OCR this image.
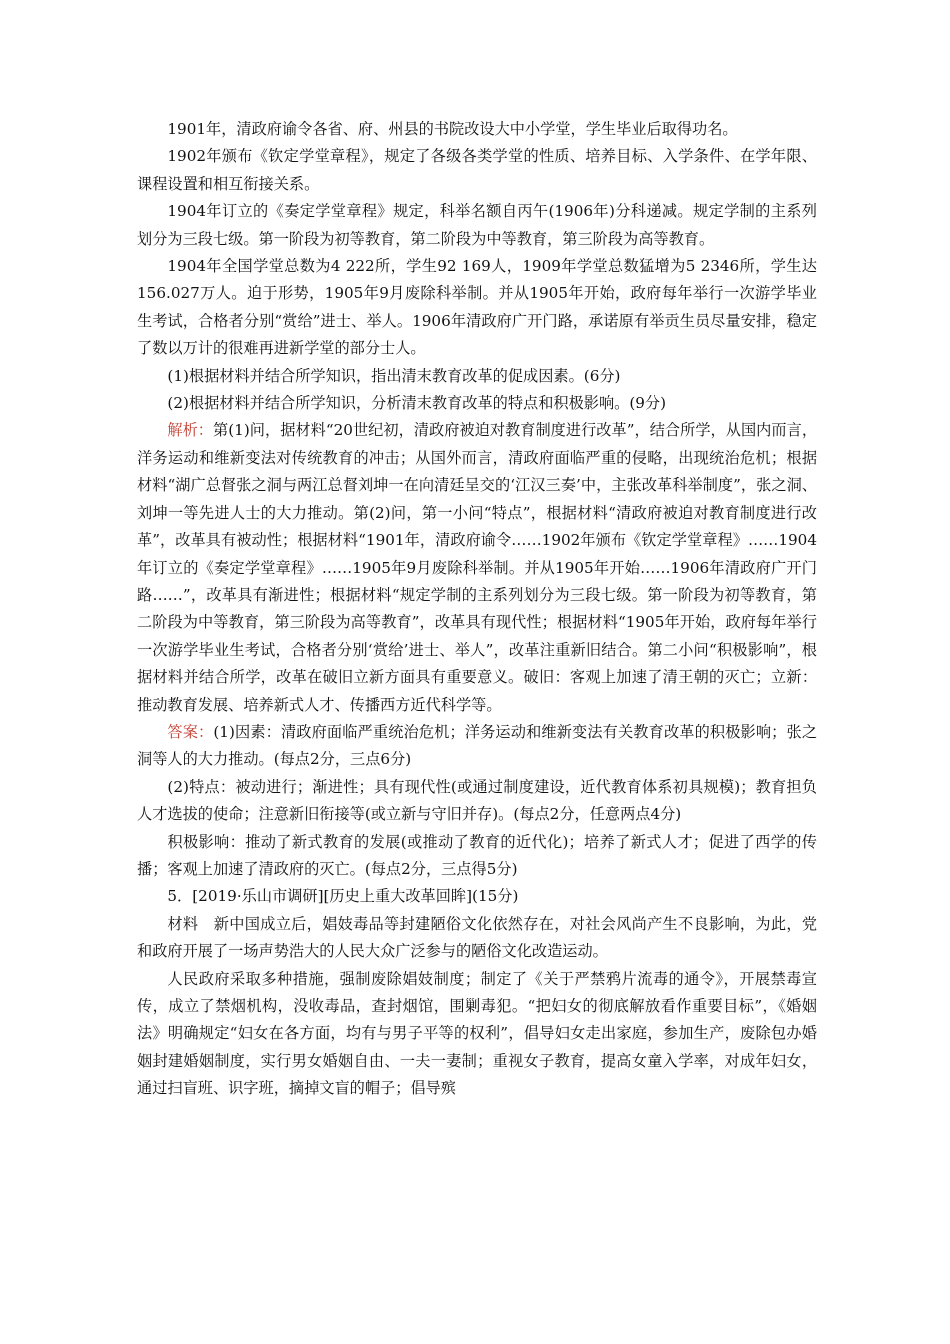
1901年，清政府谕令各省、府、州县的书院改设大中小学堂，学生毕业后取得功名。

1902年颁布《钦定学堂章程》，规定了各级各类学堂的性质、培养目标、入学条件、在学年限、课程设置和相互衔接关系。

1904年订立的《奏定学堂章程》规定，科举名额自丙午(1906年)分科递减。规定学制的主系列划分为三段七级。第一阶段为初等教育，第二阶段为中等教育，第三阶段为高等教育。

1904年全国学堂总数为4 222所，学生92 169人，1909年学堂总数猛增为5 2346所，学生达156.027万人。迫于形势，1905年9月废除科举制。并从1905年开始，政府每年举行一次游学毕业生考试，合格者分别“赏给”进士、举人。1906年清政府广开门路，承诺原有举贡生员尽量安排，稳定了数以万计的很难再进新学堂的部分士人。

(1)根据材料并结合所学知识，指出清末教育改革的促成因素。(6分)

(2)根据材料并结合所学知识，分析清末教育改革的特点和积极影响。(9分)

解析：第(1)问，据材料“20世纪初，清政府被迫对教育制度进行改革”，结合所学，从国内而言，洋务运动和维新变法对传统教育的冲击；从国外而言，清政府面临严重的侵略，出现统治危机；根据材料“湖广总督张之洞与两江总督刘坤一在向清廷呈交的‘江汉三奏’中，主张改革科举制度”，张之洞、刘坤一等先进人士的大力推动。第(2)问，第一小问“特点”，根据材料“清政府被迫对教育制度进行改革”，改革具有被动性；根据材料“1901年，清政府谕令……1902年颁布《钦定学堂章程》……1904年订立的《奏定学堂章程》……1905年9月废除科举制。并从1905年开始……1906年清政府广开门路……”，改革具有渐进性；根据材料“规定学制的主系列划分为三段七级。第一阶段为初等教育，第二阶段为中等教育，第三阶段为高等教育”，改革具有现代性；根据材料“1905年开始，政府每年举行一次游学毕业生考试，合格者分别‘赏给’进士、举人”，改革注重新旧结合。第二小问“积极影响”，根据材料并结合所学，改革在破旧立新方面具有重要意义。破旧：客观上加速了清王朝的灭亡；立新：推动教育发展、培养新式人才、传播西方近代科学等。

答案：(1)因素：清政府面临严重统治危机；洋务运动和维新变法有关教育改革的积极影响；张之洞等人的大力推动。(每点2分，三点6分)

(2)特点：被动进行；渐进性；具有现代性(或通过制度建设，近代教育体系初具规模)；教育担负人才选拔的使命；注意新旧衔接等(或立新与守旧并存)。(每点2分，任意两点4分)

积极影响：推动了新式教育的发展(或推动了教育的近代化)；培养了新式人才；促进了西学的传播；客观上加速了清政府的灭亡。(每点2分，三点得5分)

5．[2019·乐山市调研][历史上重大改革回眸](15分)

材料　新中国成立后，娼妓毒品等封建陋俗文化依然存在，对社会风尚产生不良影响，为此，党和政府开展了一场声势浩大的人民大众广泛参与的陋俗文化改造运动。

人民政府采取多种措施，强制废除娼妓制度；制定了《关于严禁鸦片流毒的通令》，开展禁毒宣传，成立了禁烟机构，没收毒品，查封烟馆，围剿毒犯。“把妇女的彻底解放看作重要目标”，《婚姻法》明确规定“妇女在各方面，均有与男子平等的权利”，倡导妇女走出家庭，参加生产，废除包办婚姻封建婚姻制度，实行男女婚姻自由、一夫一妻制；重视女子教育，提高女童入学率，对成年妇女，通过扫盲班、识字班，摘掉文盲的帽子；倡导殡
